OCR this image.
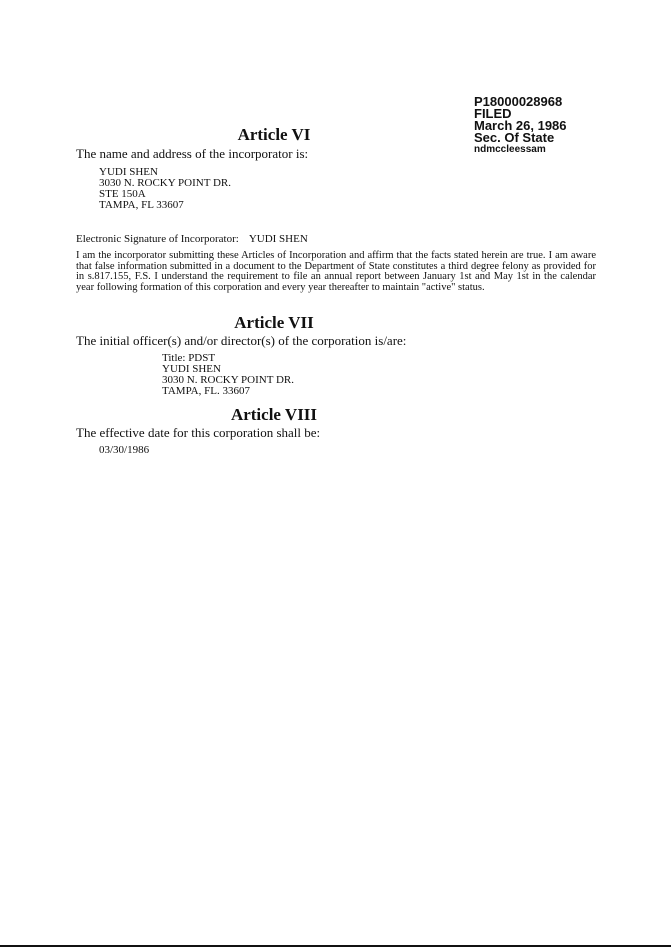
P18000028968
FILED
March 26, 1986
Sec. Of State
ndmccleessam
Article VI
The name and address of the incorporator is:
YUDI SHEN
3030 N. ROCKY POINT DR.
STE 150A
TAMPA, FL 33607
Electronic Signature of Incorporator: YUDI SHEN
I am the incorporator submitting these Articles of Incorporation and affirm that the facts stated herein are true. I am aware that false information submitted in a document to the Department of State constitutes a third degree felony as provided for in s.817.155, F.S. I understand the requirement to file an annual report between January 1st and May 1st in the calendar year following formation of this corporation and every year thereafter to maintain "active" status.
Article VII
The initial officer(s) and/or director(s) of the corporation is/are:
Title: PDST
YUDI SHEN
3030 N. ROCKY POINT DR.
TAMPA, FL. 33607
Article VIII
The effective date for this corporation shall be:
03/30/1986
